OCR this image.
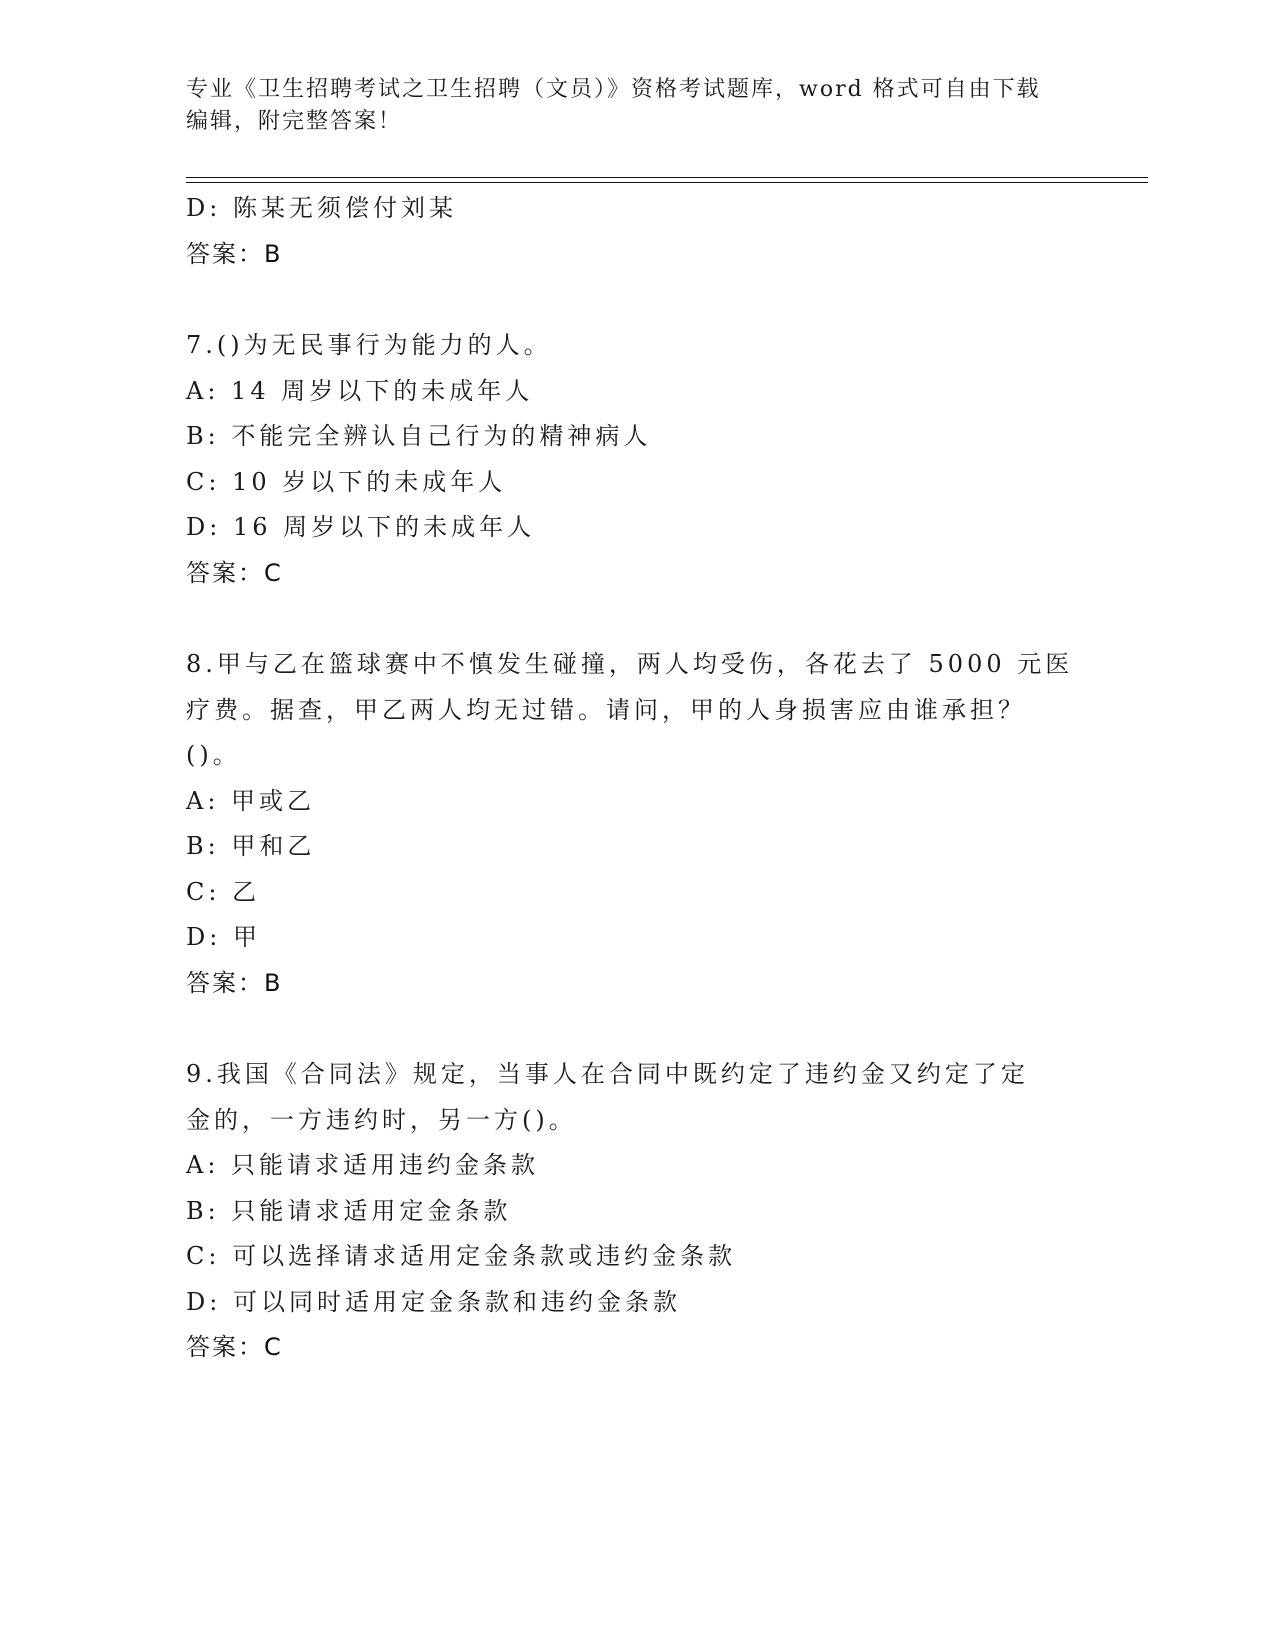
专业《卫生招聘考试之卫生招聘（文员）》资格考试题库，word 格式可自由下载
编辑，附完整答案！
D: 陈某无须偿付刘某
答案：B
7.()为无民事行为能力的人。
A: 14 周岁以下的未成年人
B: 不能完全辨认自己行为的精神病人
C: 10 岁以下的未成年人
D: 16 周岁以下的未成年人
答案：C
8.甲与乙在篮球赛中不慎发生碰撞，两人均受伤，各花去了 5000 元医
疗费。据查，甲乙两人均无过错。请问，甲的人身损害应由谁承担？
()。
A: 甲或乙
B: 甲和乙
C: 乙
D: 甲
答案：B
9.我国《合同法》规定，当事人在合同中既约定了违约金又约定了定
金的，一方违约时，另一方()。
A: 只能请求适用违约金条款
B: 只能请求适用定金条款
C: 可以选择请求适用定金条款或违约金条款
D: 可以同时适用定金条款和违约金条款
答案：C
